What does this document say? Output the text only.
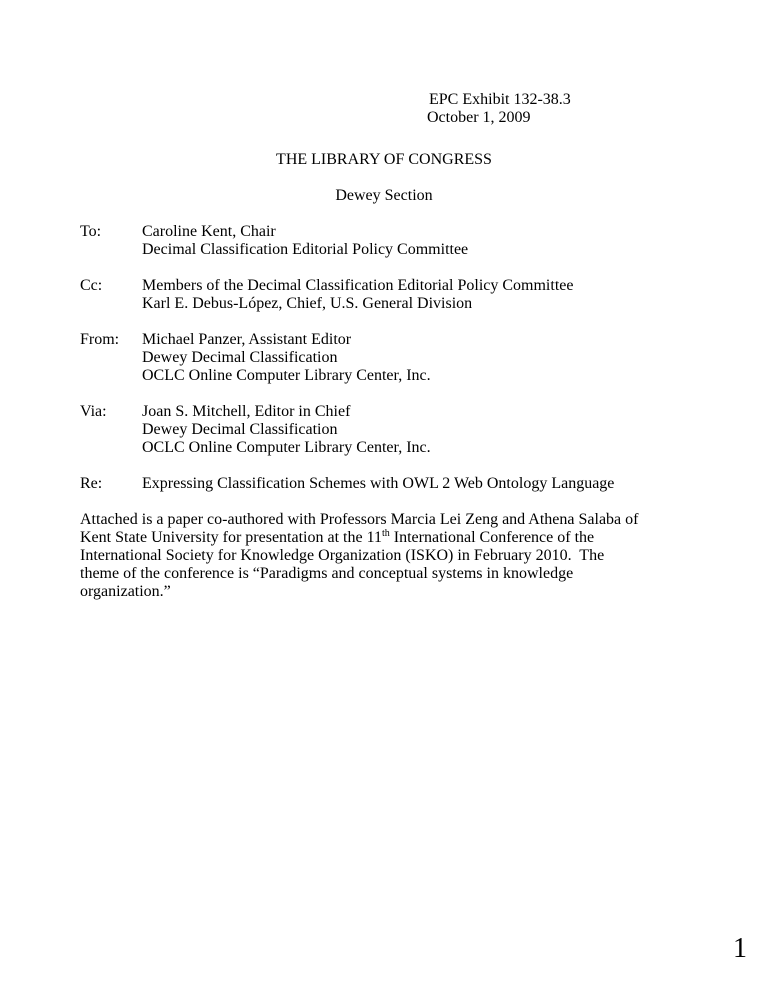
EPC Exhibit 132-38.3
October 1, 2009
THE LIBRARY OF CONGRESS
Dewey Section
To:	Caroline Kent, Chair
Decimal Classification Editorial Policy Committee
Cc: Members of the Decimal Classification Editorial Policy Committee
Karl E. Debus-López, Chief, U.S. General Division
From: Michael Panzer, Assistant Editor
Dewey Decimal Classification
OCLC Online Computer Library Center, Inc.
Via: Joan S. Mitchell, Editor in Chief
Dewey Decimal Classification
OCLC Online Computer Library Center, Inc.
Re: Expressing Classification Schemes with OWL 2 Web Ontology Language
Attached is a paper co-authored with Professors Marcia Lei Zeng and Athena Salaba of
Kent State University for presentation at the 11th International Conference of the
International Society for Knowledge Organization (ISKO) in February 2010.  The
theme of the conference is “Paradigms and conceptual systems in knowledge
organization.”
1
